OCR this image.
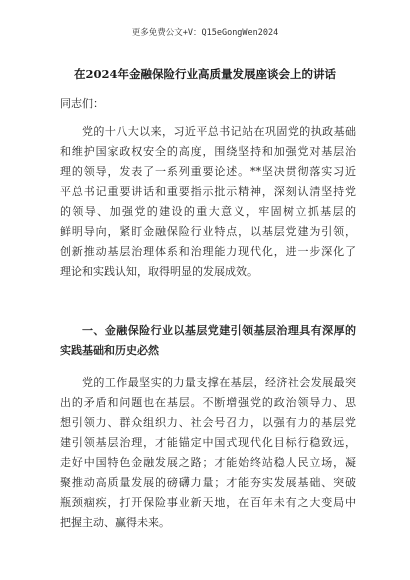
更多免费公文+V：Q15eGongWen2024
在2024年金融保险行业高质量发展座谈会上的讲话
同志们：
党的十八大以来，习近平总书记站在巩固党的执政基础
和维护国家政权安全的高度，围绕坚持和加强党对基层治
理的领导，发表了一系列重要论述。**坚决贯彻落实习近
平总书记重要讲话和重要指示批示精神，深刻认清坚持党
的领导、加强党的建设的重大意义，牢固树立抓基层的
鲜明导向，紧盯金融保险行业特点，以基层党建为引领，
创新推动基层治理体系和治理能力现代化，进一步深化了
理论和实践认知，取得明显的发展成效。
一、金融保险行业以基层党建引领基层治理具有深厚的
实践基础和历史必然
党的工作最坚实的力量支撑在基层，经济社会发展最突
出的矛盾和问题也在基层。不断增强党的政治领导力、思
想引领力、群众组织力、社会号召力，以强有力的基层党
建引领基层治理，才能锚定中国式现代化目标行稳致远，
走好中国特色金融发展之路；才能始终站稳人民立场，凝
聚推动高质量发展的磅礴力量；才能夯实发展基础、突破
瓶颈痼疾，打开保险事业新天地，在百年未有之大变局中
把握主动、赢得未来。
